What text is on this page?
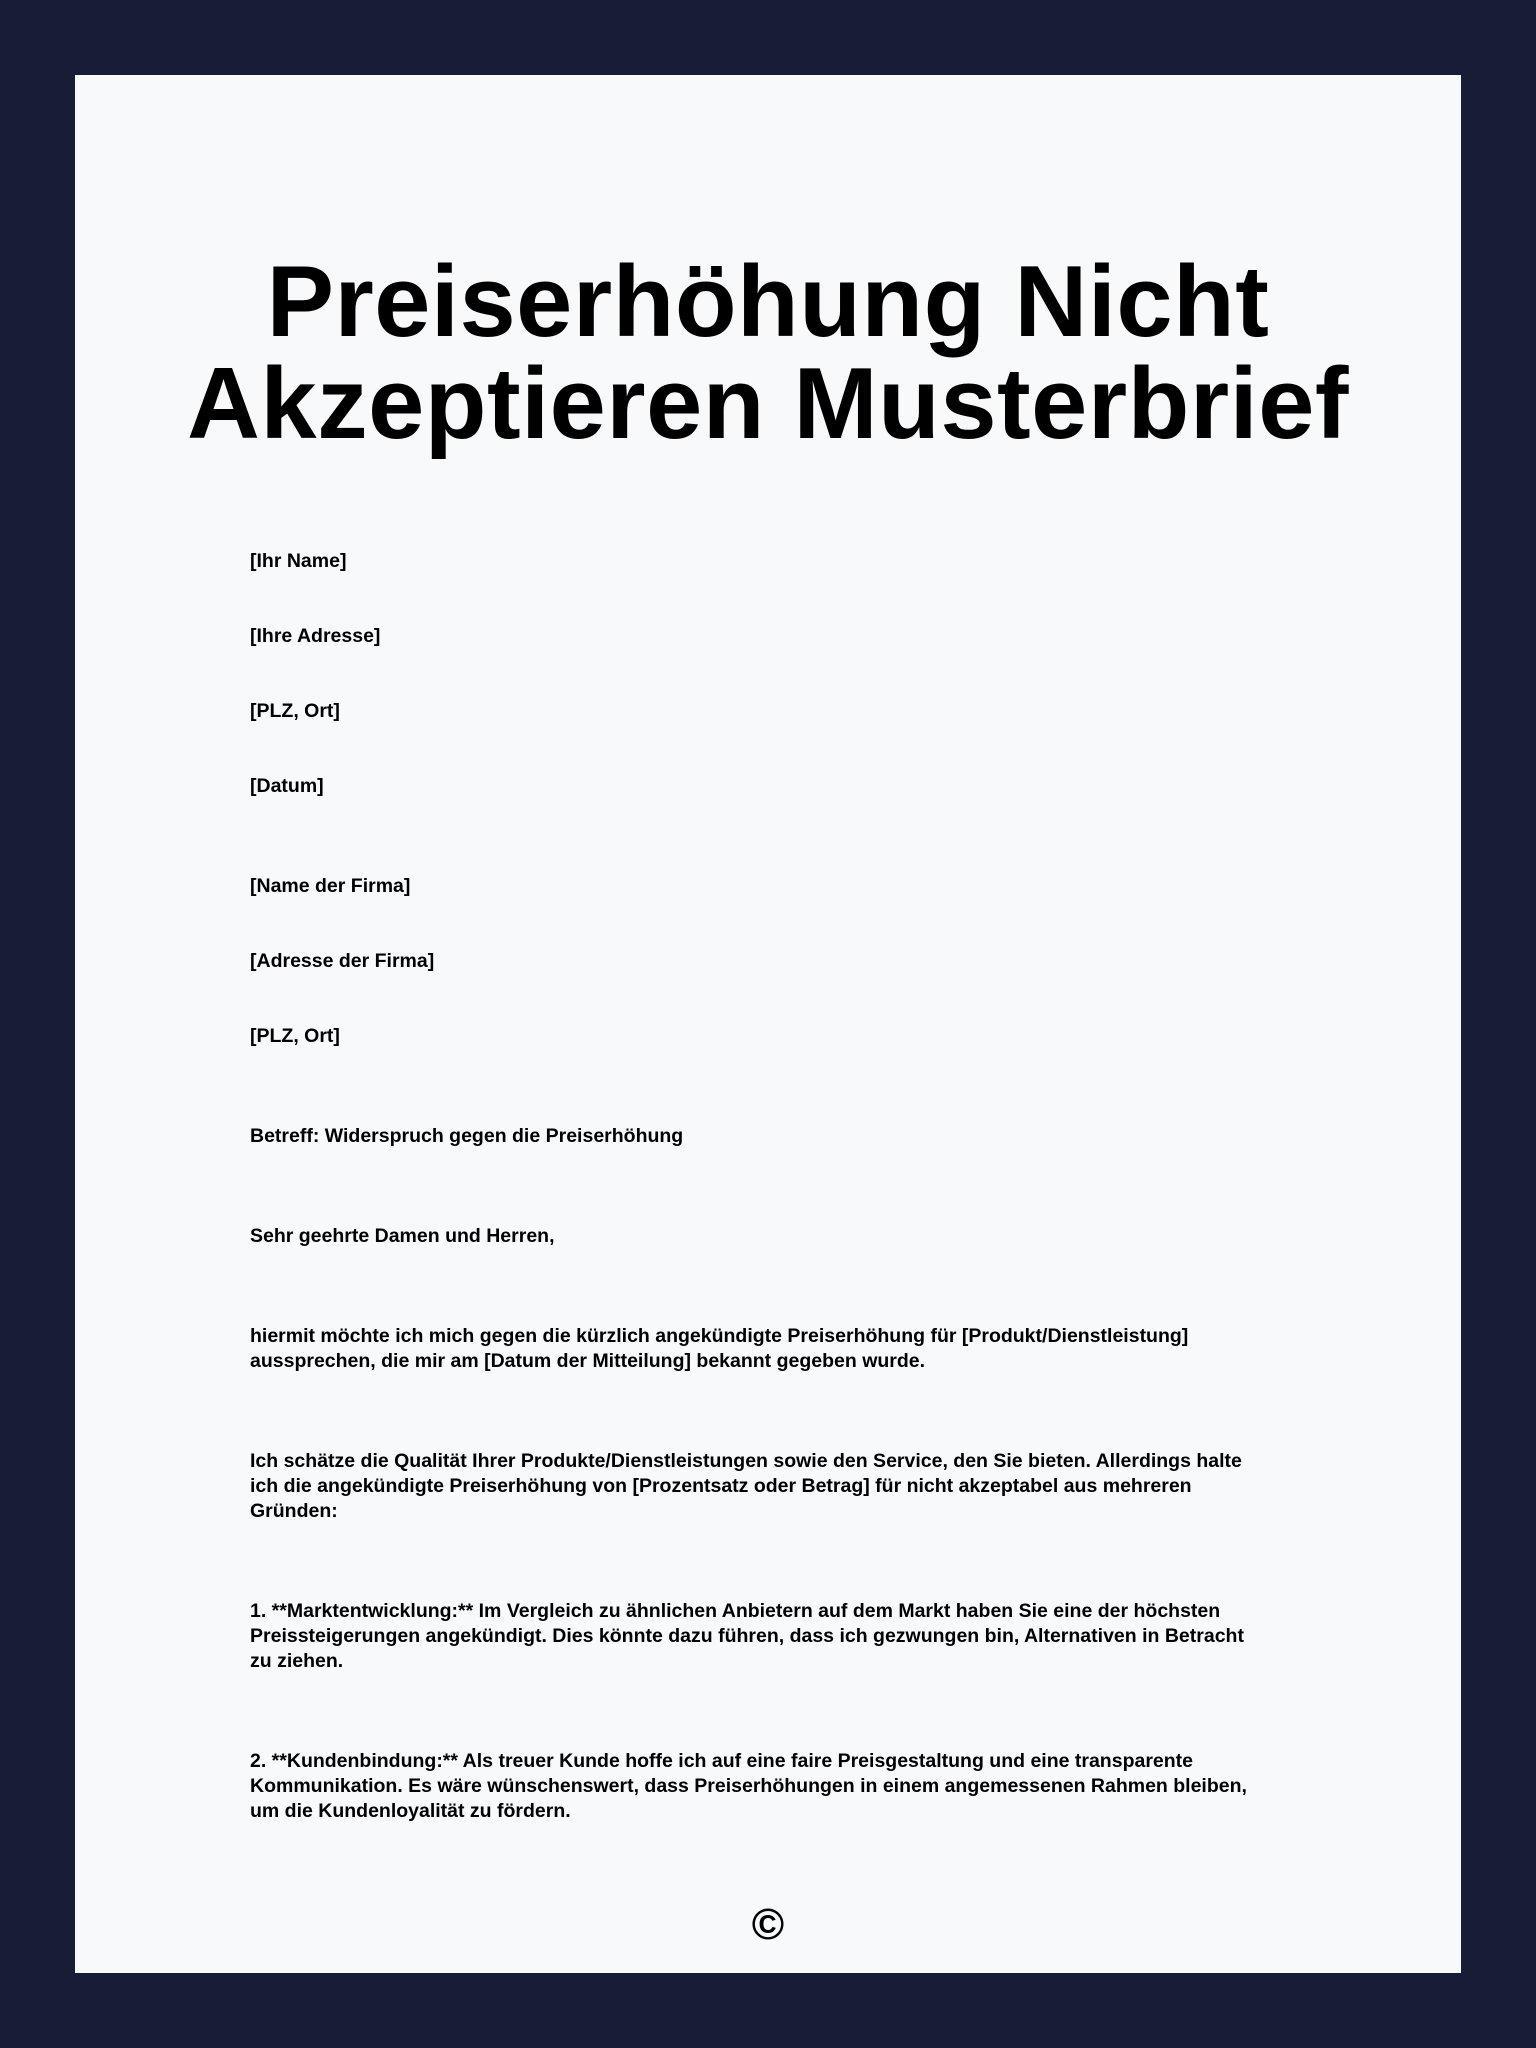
Preiserhöhung Nicht
Akzeptieren Musterbrief

[Ihr Name]

[Ihre Adresse]

[PLZ, Ort]

[Datum]

[Name der Firma]

[Adresse der Firma]

[PLZ, Ort]

Betreff: Widerspruch gegen die Preiserhöhung

Sehr geehrte Damen und Herren,

hiermit möchte ich mich gegen die kürzlich angekündigte Preiserhöhung für [Produkt/Dienstleistung]
aussprechen, die mir am [Datum der Mitteilung] bekannt gegeben wurde.

Ich schätze die Qualität Ihrer Produkte/Dienstleistungen sowie den Service, den Sie bieten. Allerdings halte
ich die angekündigte Preiserhöhung von [Prozentsatz oder Betrag] für nicht akzeptabel aus mehreren
Gründen:

1. **Marktentwicklung:** Im Vergleich zu ähnlichen Anbietern auf dem Markt haben Sie eine der höchsten
Preissteigerungen angekündigt. Dies könnte dazu führen, dass ich gezwungen bin, Alternativen in Betracht
zu ziehen.

2. **Kundenbindung:** Als treuer Kunde hoffe ich auf eine faire Preisgestaltung und eine transparente
Kommunikation. Es wäre wünschenswert, dass Preiserhöhungen in einem angemessenen Rahmen bleiben,
um die Kundenloyalität zu fördern.

©
